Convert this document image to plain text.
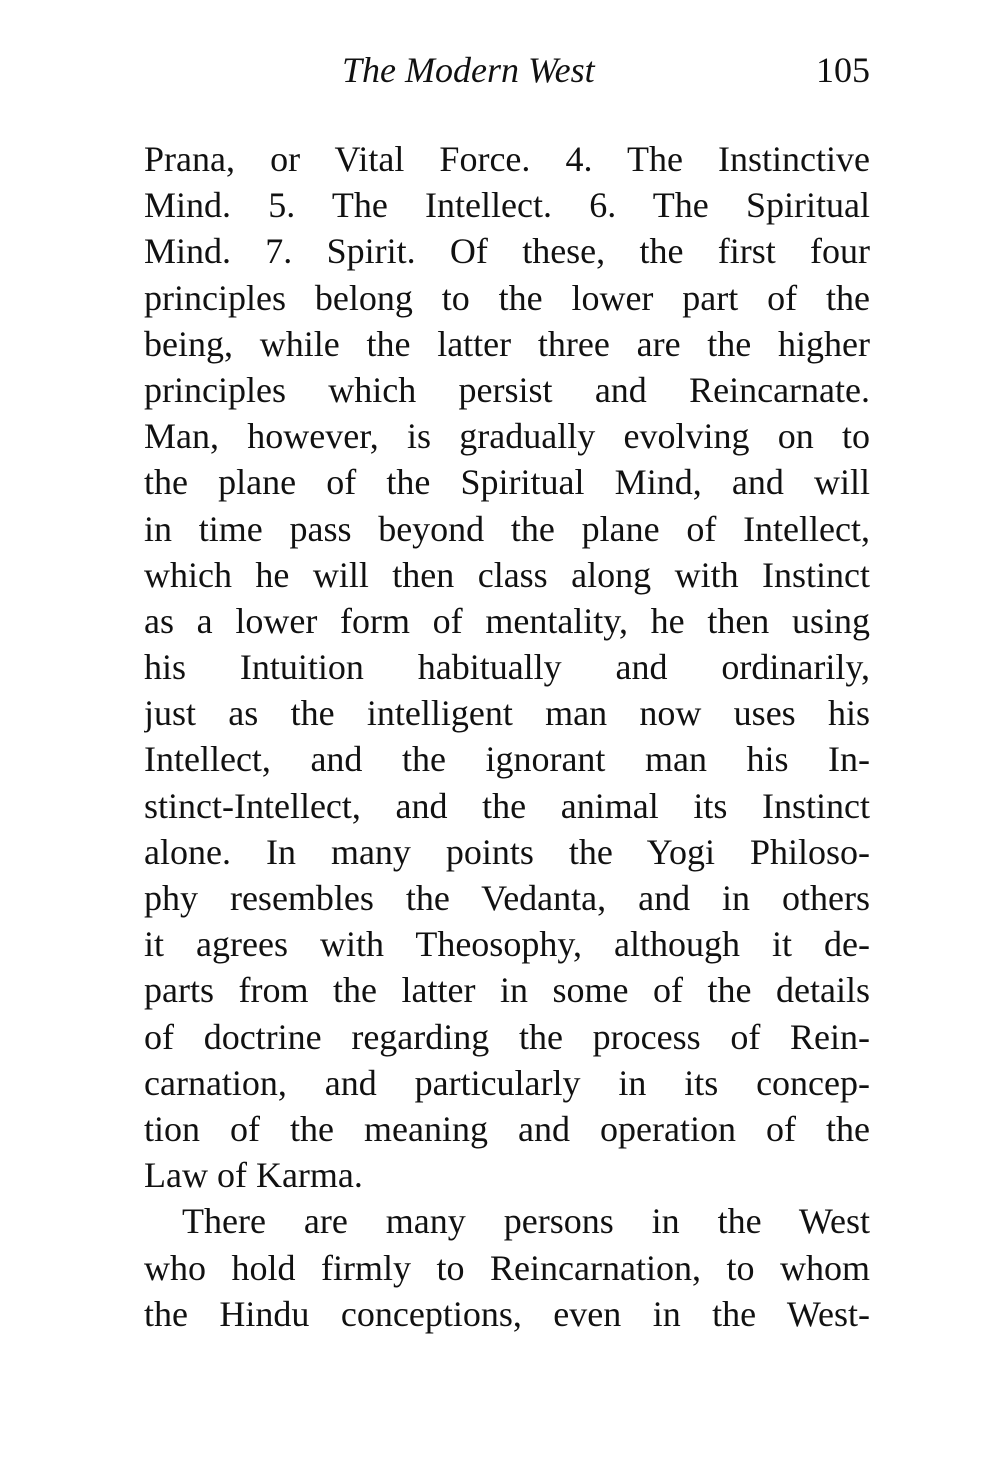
The Modern West	105
Prana, or Vital Force. 4. The Instinctive
Mind. 5. The Intellect. 6. The Spiritual
Mind. 7. Spirit. Of these, the first four
principles belong to the lower part of the
being, while the latter three are the higher
principles which persist and Reincarnate.
Man, however, is gradually evolving on to
the plane of the Spiritual Mind, and will
in time pass beyond the plane of Intellect,
which he will then class along with Instinct
as a lower form of mentality, he then using
his Intuition habitually and ordinarily,
just as the intelligent man now uses his
Intellect, and the ignorant man his In-
stinct-Intellect, and the animal its Instinct
alone. In many points the Yogi Philoso-
phy resembles the Vedanta, and in others
it agrees with Theosophy, although it de-
parts from the latter in some of the details
of doctrine regarding the process of Rein-
carnation, and particularly in its concep-
tion of the meaning and operation of the
Law of Karma.
There are many persons in the West
who hold firmly to Reincarnation, to whom
the Hindu conceptions, even in the West-
